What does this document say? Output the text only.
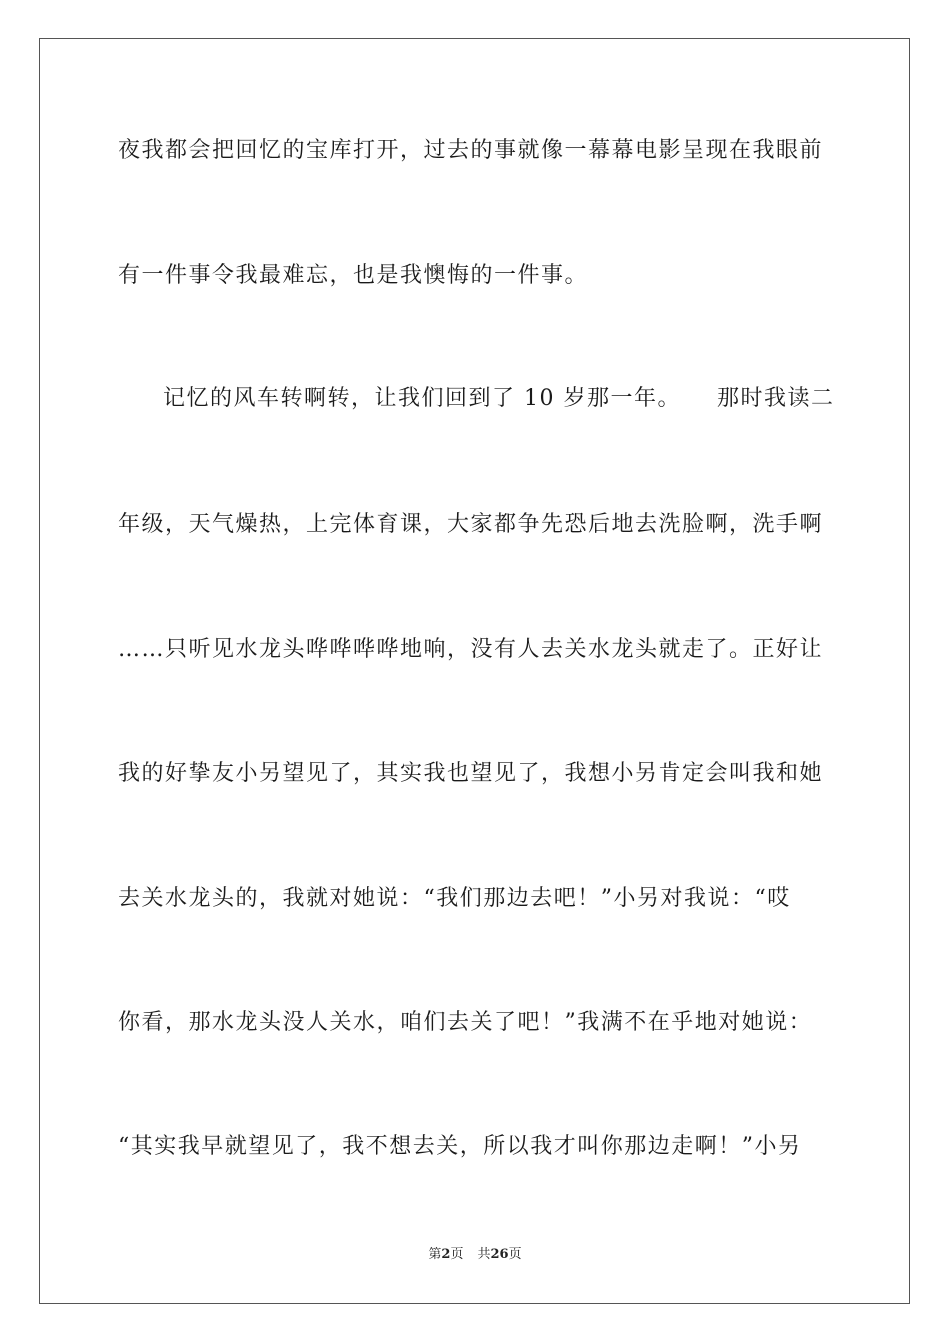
夜我都会把回忆的宝库打开，过去的事就像一幕幕电影呈现在我眼前
有一件事令我最难忘，也是我懊悔的一件事。
记忆的风车转啊转，让我们回到了 10 岁那一年。　　那时我读二
年级，天气燥热，上完体育课，大家都争先恐后地去洗脸啊，洗手啊
……只听见水龙头哗哗哗哗地响，没有人去关水龙头就走了。正好让
我的好挚友小另望见了，其实我也望见了，我想小另肯定会叫我和她
去关水龙头的，我就对她说：“我们那边去吧！”小另对我说：“哎
你看，那水龙头没人关水，咱们去关了吧！”我满不在乎地对她说：
“其实我早就望见了，我不想去关，所以我才叫你那边走啊！”小另
第2页 共26页
